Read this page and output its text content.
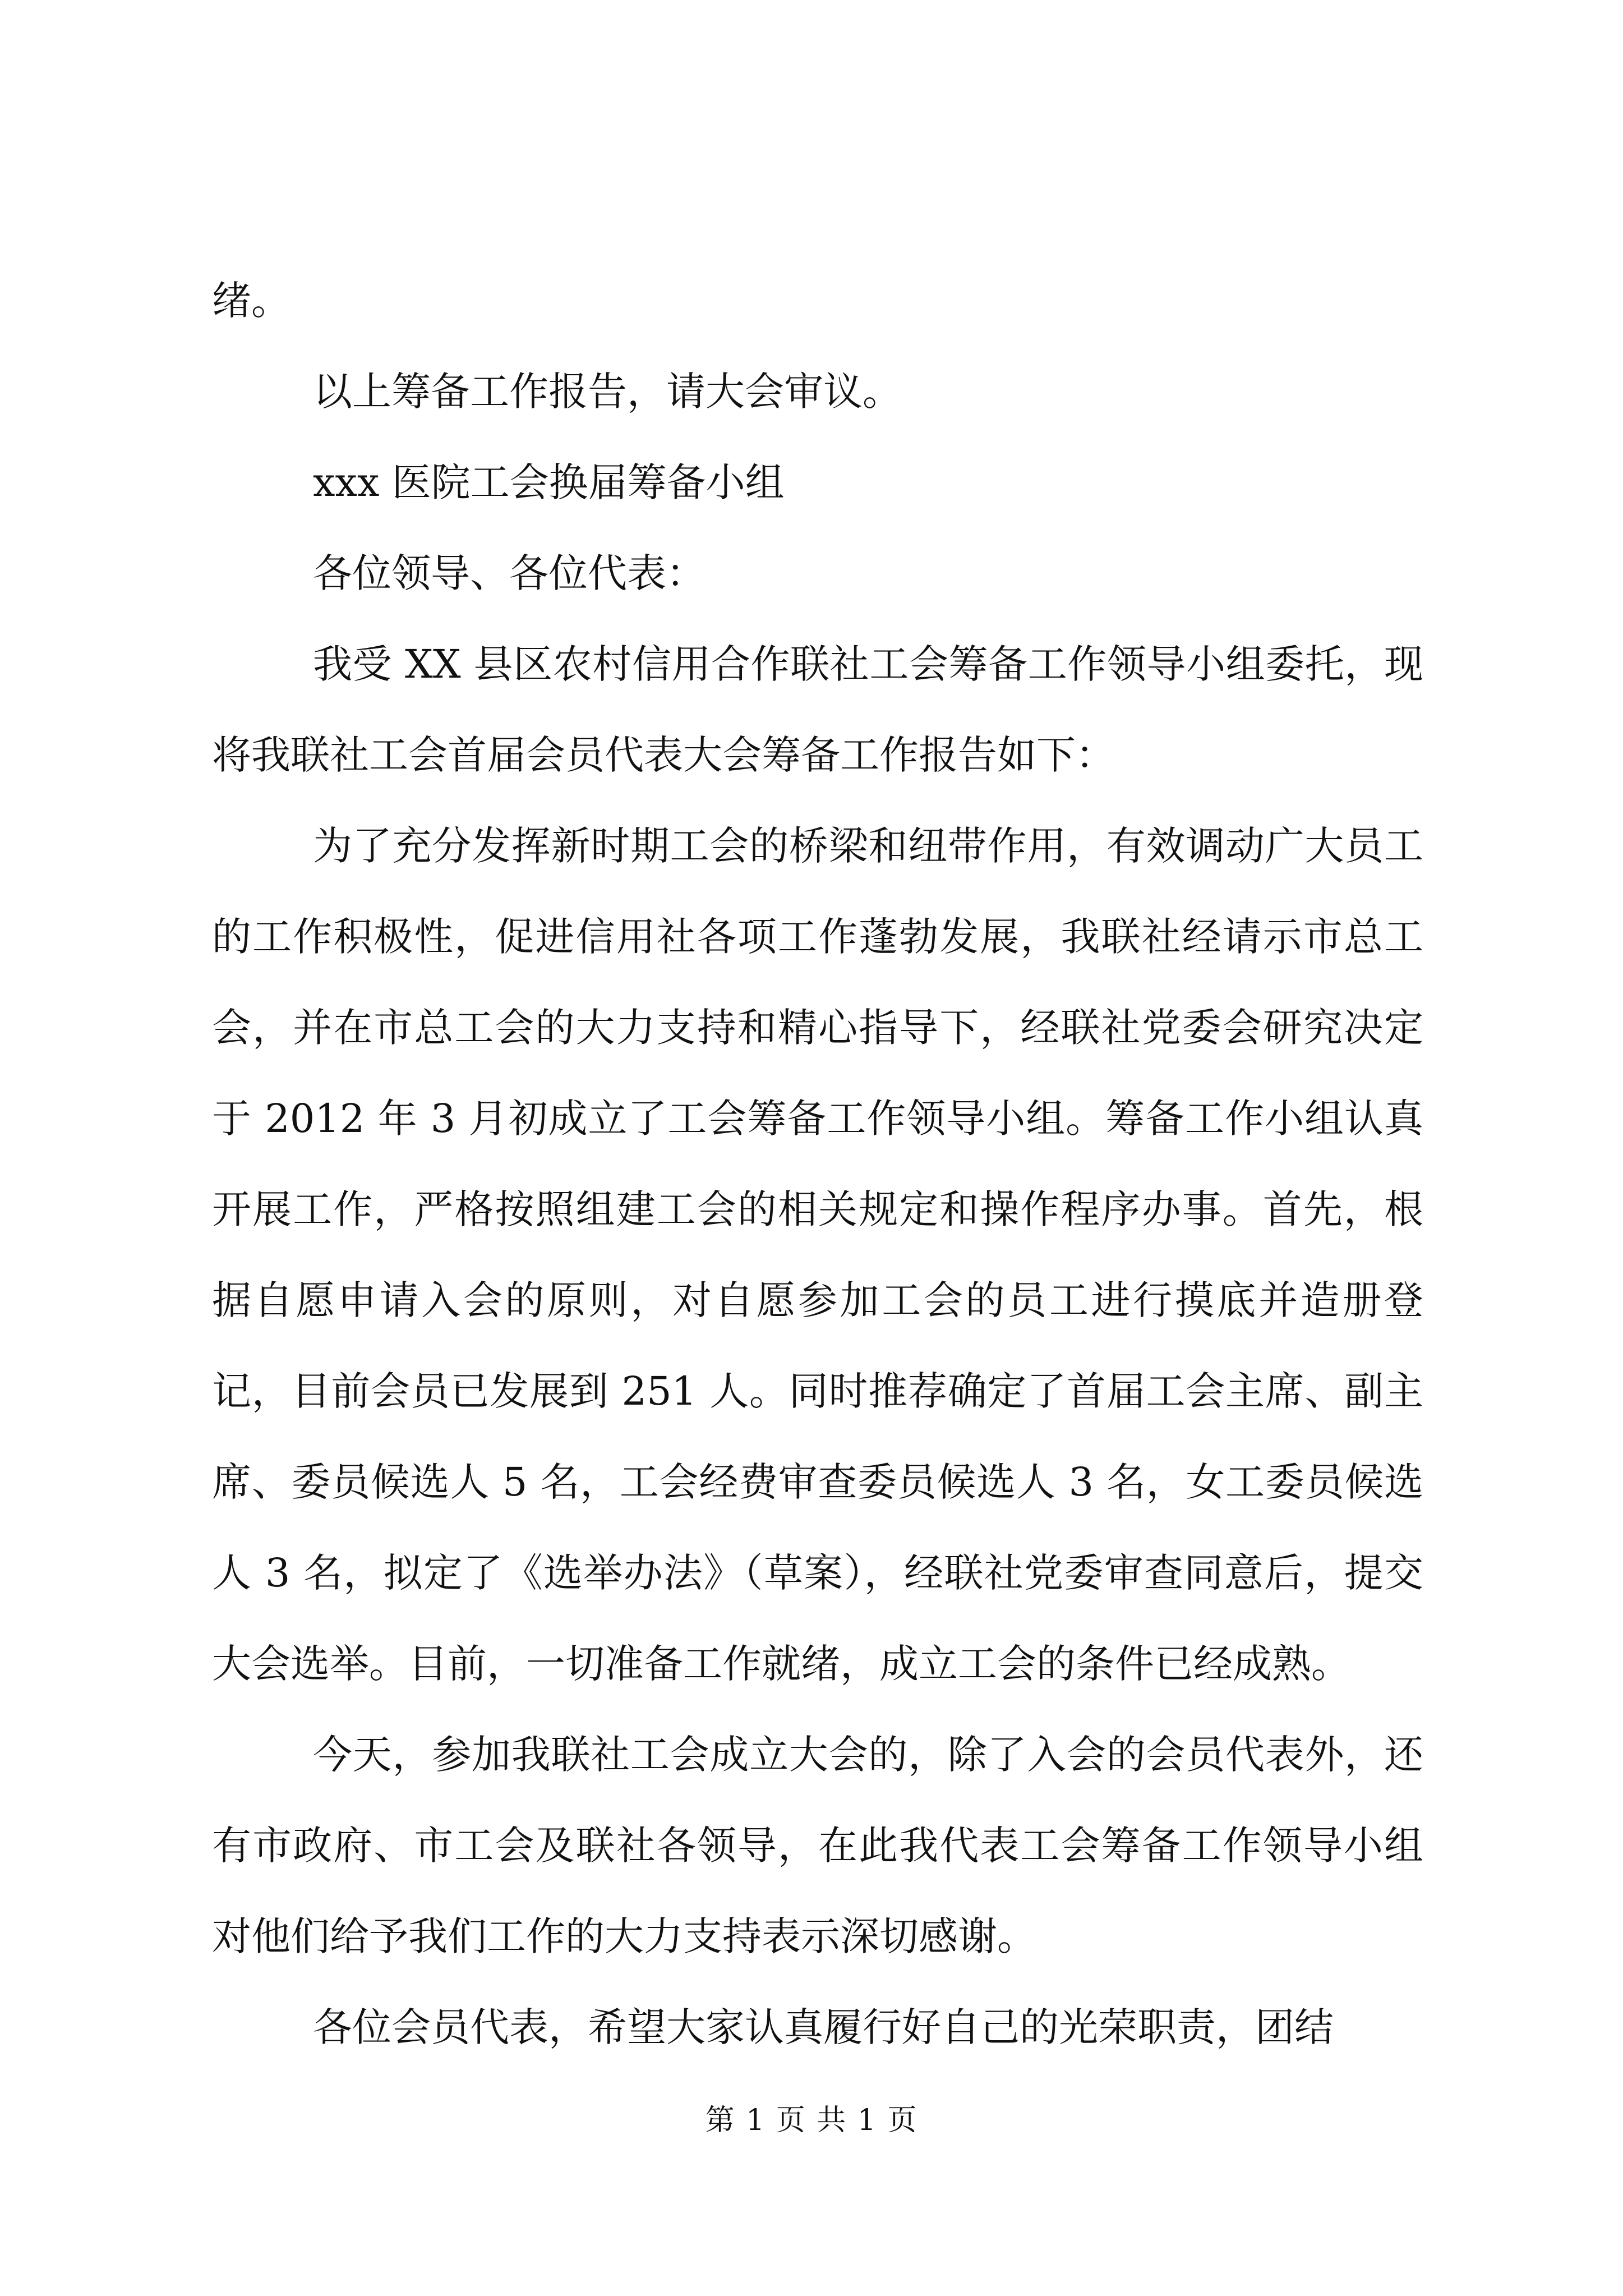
绪。

以上筹备工作报告，请大会审议。

xxx 医院工会换届筹备小组

各位领导、各位代表：

我受 XX 县区农村信用合作联社工会筹备工作领导小组委托，现将我联社工会首届会员代表大会筹备工作报告如下：

为了充分发挥新时期工会的桥梁和纽带作用，有效调动广大员工的工作积极性，促进信用社各项工作蓬勃发展，我联社经请示市总工会，并在市总工会的大力支持和精心指导下，经联社党委会研究决定于 2012 年 3 月初成立了工会筹备工作领导小组。筹备工作小组认真开展工作，严格按照组建工会的相关规定和操作程序办事。首先，根据自愿申请入会的原则，对自愿参加工会的员工进行摸底并造册登记，目前会员已发展到 251 人。同时推荐确定了首届工会主席、副主席、委员候选人 5 名，工会经费审查委员候选人 3 名，女工委员候选人 3 名，拟定了《选举办法》（草案），经联社党委审查同意后，提交大会选举。目前，一切准备工作就绪，成立工会的条件已经成熟。

今天，参加我联社工会成立大会的，除了入会的会员代表外，还有市政府、市工会及联社各领导，在此我代表工会筹备工作领导小组对他们给予我们工作的大力支持表示深切感谢。

各位会员代表，希望大家认真履行好自己的光荣职责，团结

第 1 页 共 1 页
